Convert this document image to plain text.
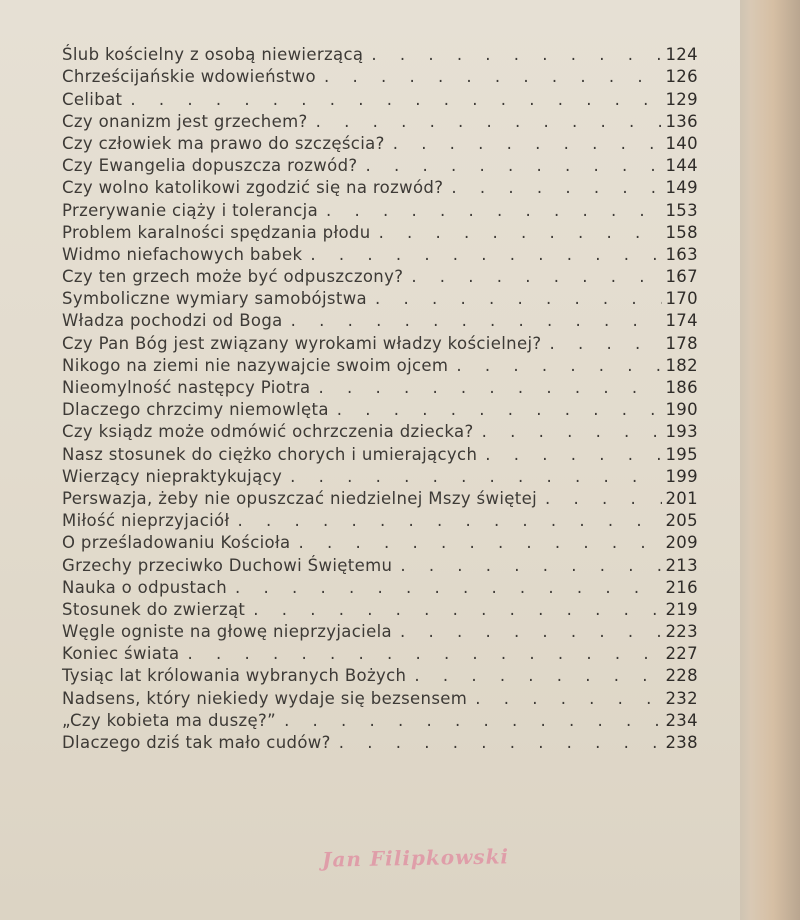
Ślub kościelny z osobą niewierzącą . . .	124
Chrześcijańskie wdowieństwo . . .	126
Celibat . . .	129
Czy onanizm jest grzechem? . . .	136
Czy człowiek ma prawo do szczęścia? . . .	140
Czy Ewangelia dopuszcza rozwód? . . .	144
Czy wolno katolikowi zgodzić się na rozwód? . . .	149
Przerywanie ciąży i tolerancja . . .	153
Problem karalności spędzania płodu . . .	158
Widmo niefachowych babek . . .	163
Czy ten grzech może być odpuszczony? . . .	167
Symboliczne wymiary samobójstwa . . .	170
Władza pochodzi od Boga . . .	174
Czy Pan Bóg jest związany wyrokami władzy kościelnej? . . .	178
Nikogo na ziemi nie nazywajcie swoim ojcem . . .	182
Nieomylność następcy Piotra . . .	186
Dlaczego chrzcimy niemowlęta . . .	190
Czy ksiądz może odmówić ochrzczenia dziecka? . . .	193
Nasz stosunek do ciężko chorych i umierających . . .	195
Wierzący niepraktykujący . . .	199
Perswazja, żeby nie opuszczać niedzielnej Mszy świętej . . .	201
Miłość nieprzyjaciół . . .	205
O prześladowaniu Kościoła . . .	209
Grzechy przeciwko Duchowi Świętemu . . .	213
Nauka o odpustach . . .	216
Stosunek do zwierząt . . .	219
Węgle ogniste na głowę nieprzyjaciela . . .	223
Koniec świata . . .	227
Tysiąc lat królowania wybranych Bożych . . .	228
Nadsens, który niekiedy wydaje się bezsensem . . .	232
„Czy kobieta ma duszę?” . . .	234
Dlaczego dziś tak mało cudów? . . .	238
Jan Filipkowski
